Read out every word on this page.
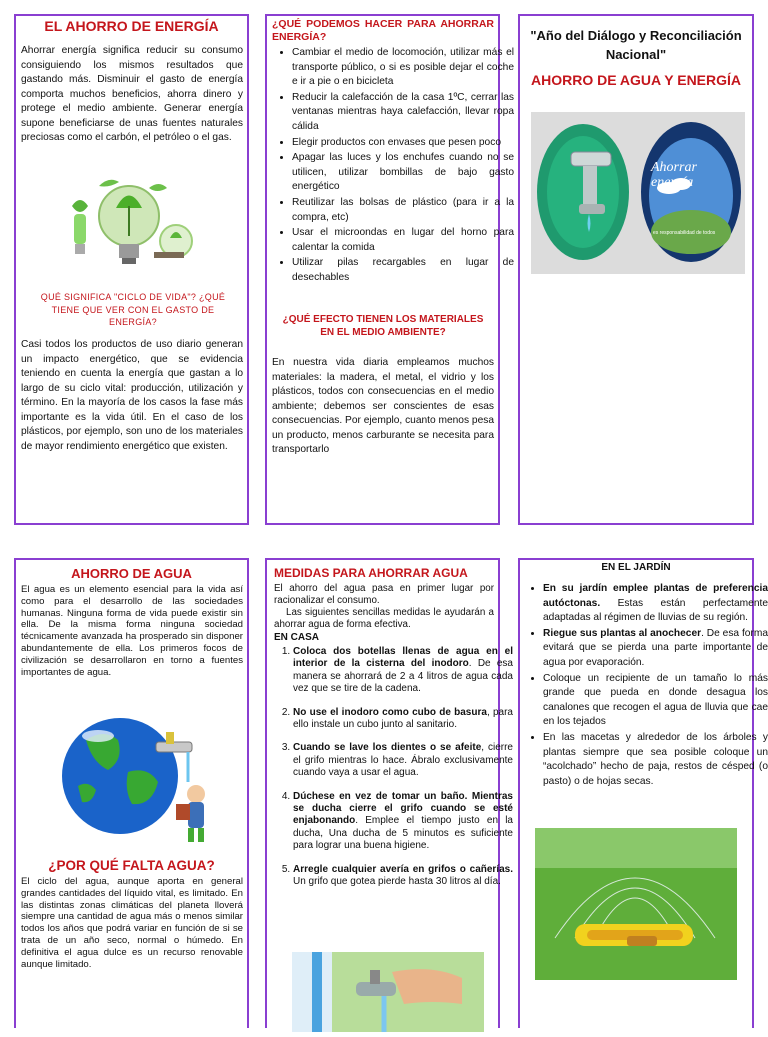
EL AHORRO DE ENERGÍA

Ahorrar energía significa reducir su consumo consiguiendo los mismos resultados que gastando más. Disminuir el gasto de energía comporta muchos beneficios, ahorra dinero y protege el medio ambiente. Generar energía supone beneficiarse de unas fuentes naturales preciosas como el carbón, el petróleo o el gas.

QUÉ SIGNIFICA "CICLO DE VIDA"? ¿QUÉ TIENE QUE VER CON EL GASTO DE ENERGÍA?

Casi todos los productos de uso diario generan un impacto energético, que se evidencia teniendo en cuenta la energía que gastan a lo largo de su ciclo vital: producción, utilización y término. En la mayoría de los casos la fase más importante es la vida útil. En el caso de los plásticos, por ejemplo, son uno de los materiales de mayor rendimiento energético que existen.

¿QUÉ PODEMOS HACER PARA AHORRAR ENERGÍA?
• Cambiar el medio de locomoción, utilizar más el transporte público, o si es posible dejar el coche e ir a pie o en bicicleta
• Reducir la calefacción de la casa 1ºC, cerrar las ventanas mientras haya calefacción, llevar ropa cálida
• Elegir productos con envases que pesen poco
• Apagar las luces y los enchufes cuando no se utilicen, utilizar bombillas de bajo gasto energético
• Reutilizar las bolsas de plástico (para ir a la compra, etc)
• Usar el microondas en lugar del horno para calentar la comida
• Utilizar pilas recargables en lugar de desechables
¿QUÉ EFECTO TIENEN LOS MATERIALES EN EL MEDIO AMBIENTE?

En nuestra vida diaria empleamos muchos materiales: la madera, el metal, el vidrio y los plásticos, todos con consecuencias en el medio ambiente; debemos ser conscientes de esas consecuencias. Por ejemplo, cuanto menos pesa un producto, menos carburante se necesita para transportarlo

"Año del Diálogo y Reconciliación Nacional"
AHORRO DE AGUA Y ENERGÍA
Ahorrar energía
es responsabilidad de todos
AHORRO DE AGUA

El agua es un elemento esencial para la vida así como para el desarrollo de las sociedades humanas. Ninguna forma de vida puede existir sin ella. De la misma forma ninguna sociedad técnicamente avanzada ha prosperado sin disponer abundantemente de ella. Los primeros focos de civilización se desarrollaron en torno a fuentes importantes de agua.

¿POR QUÉ FALTA AGUA?

El ciclo del agua, aunque aporta en general grandes cantidades del líquido vital, es limitado. En las distintas zonas climáticas del planeta lloverá siempre una cantidad de agua más o menos similar todos los años que podrá variar en función de si se trata de un año seco, normal o húmedo. En definitiva el agua dulce es un recurso renovable aunque limitado.

MEDIDAS PARA AHORRAR AGUA

El ahorro del agua pasa en primer lugar por racionalizar el consumo.

Las siguientes sencillas medidas le ayudarán a ahorrar agua de forma efectiva.

EN CASA
1. Coloca dos botellas llenas de agua en el interior de la cisterna del inodoro. De esa manera se ahorrará de 2 a 4 litros de agua cada vez que se tire de la cadena.
2. No use el inodoro como cubo de basura, para ello instale un cubo junto al sanitario.
3. Cuando se lave los dientes o se afeite, cierre el grifo mientras lo hace. Ábralo exclusivamente cuando vaya a usar el agua.
4. Dúchese en vez de tomar un baño. Mientras se ducha cierre el grifo cuando se esté enjabonando. Emplee el tiempo justo en la ducha, Una ducha de 5 minutos es suficiente para lograr una buena higiene.
5. Arregle cualquier avería en grifos o cañerías. Un grifo que gotea pierde hasta 30 litros al día.
EN EL JARDÍN
• En su jardín emplee plantas de preferencia autóctonas. Estas están perfectamente adaptadas al régimen de lluvias de su región.
• Riegue sus plantas al anochecer. De esa forma evitará que se pierda una parte importante de agua por evaporación.
• Coloque un recipiente de un tamaño lo más grande que pueda en donde desagua los canalones que recogen el agua de lluvia que cae en los tejados
• En las macetas y alrededor de los árboles y plantas siempre que sea posible coloque un “acolchado” hecho de paja, restos de césped (o pasto) o de hojas secas.
